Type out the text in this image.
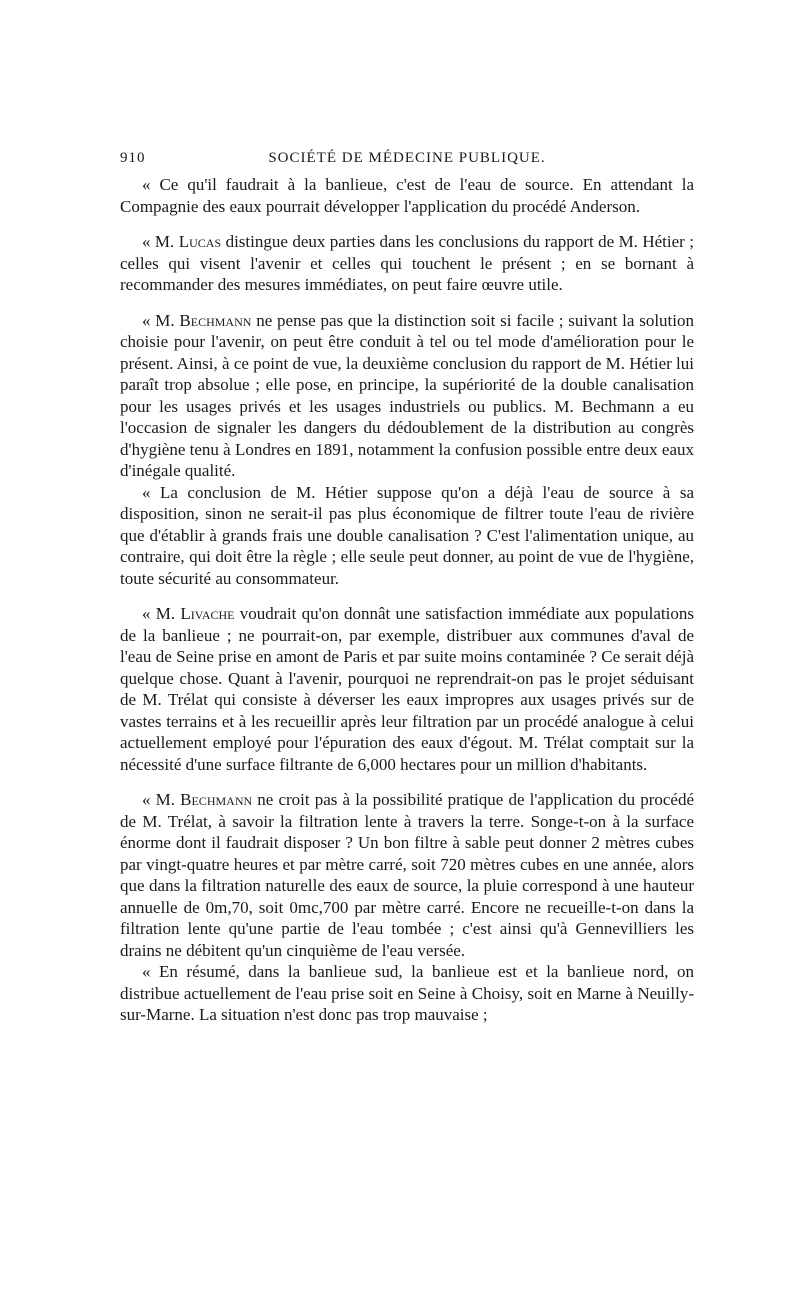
910	SOCIÉTÉ DE MÉDECINE PUBLIQUE.

« Ce qu'il faudrait à la banlieue, c'est de l'eau de source. En attendant la Compagnie des eaux pourrait développer l'application du procédé Anderson.

« M. Lucas distingue deux parties dans les conclusions du rapport de M. Hétier ; celles qui visent l'avenir et celles qui touchent le présent ; en se bornant à recommander des mesures immédiates, on peut faire œuvre utile.

« M. Bechmann ne pense pas que la distinction soit si facile ; suivant la solution choisie pour l'avenir, on peut être conduit à tel ou tel mode d'amélioration pour le présent. Ainsi, à ce point de vue, la deuxième conclusion du rapport de M. Hétier lui paraît trop absolue ; elle pose, en principe, la supériorité de la double canalisation pour les usages privés et les usages industriels ou publics. M. Bechmann a eu l'occasion de signaler les dangers du dédoublement de la distribution au congrès d'hygiène tenu à Londres en 1891, notamment la confusion possible entre deux eaux d'inégale qualité.

« La conclusion de M. Hétier suppose qu'on a déjà l'eau de source à sa disposition, sinon ne serait-il pas plus économique de filtrer toute l'eau de rivière que d'établir à grands frais une double canalisation ? C'est l'alimentation unique, au contraire, qui doit être la règle ; elle seule peut donner, au point de vue de l'hygiène, toute sécurité au consommateur.

« M. Livache voudrait qu'on donnât une satisfaction immédiate aux populations de la banlieue ; ne pourrait-on, par exemple, distribuer aux communes d'aval de l'eau de Seine prise en amont de Paris et par suite moins contaminée ? Ce serait déjà quelque chose. Quant à l'avenir, pourquoi ne reprendrait-on pas le projet séduisant de M. Trélat qui consiste à déverser les eaux impropres aux usages privés sur de vastes terrains et à les recueillir après leur filtration par un procédé analogue à celui actuellement employé pour l'épuration des eaux d'égout. M. Trélat comptait sur la nécessité d'une surface filtrante de 6,000 hectares pour un million d'habitants.

« M. Bechmann ne croit pas à la possibilité pratique de l'application du procédé de M. Trélat, à savoir la filtration lente à travers la terre. Songe-t-on à la surface énorme dont il faudrait disposer ? Un bon filtre à sable peut donner 2 mètres cubes par vingt-quatre heures et par mètre carré, soit 720 mètres cubes en une année, alors que dans la filtration naturelle des eaux de source, la pluie correspond à une hauteur annuelle de 0m,70, soit 0mc,700 par mètre carré. Encore ne recueille-t-on dans la filtration lente qu'une partie de l'eau tombée ; c'est ainsi qu'à Gennevilliers les drains ne débitent qu'un cinquième de l'eau versée.

« En résumé, dans la banlieue sud, la banlieue est et la banlieue nord, on distribue actuellement de l'eau prise soit en Seine à Choisy, soit en Marne à Neuilly-sur-Marne. La situation n'est donc pas trop mauvaise ;
